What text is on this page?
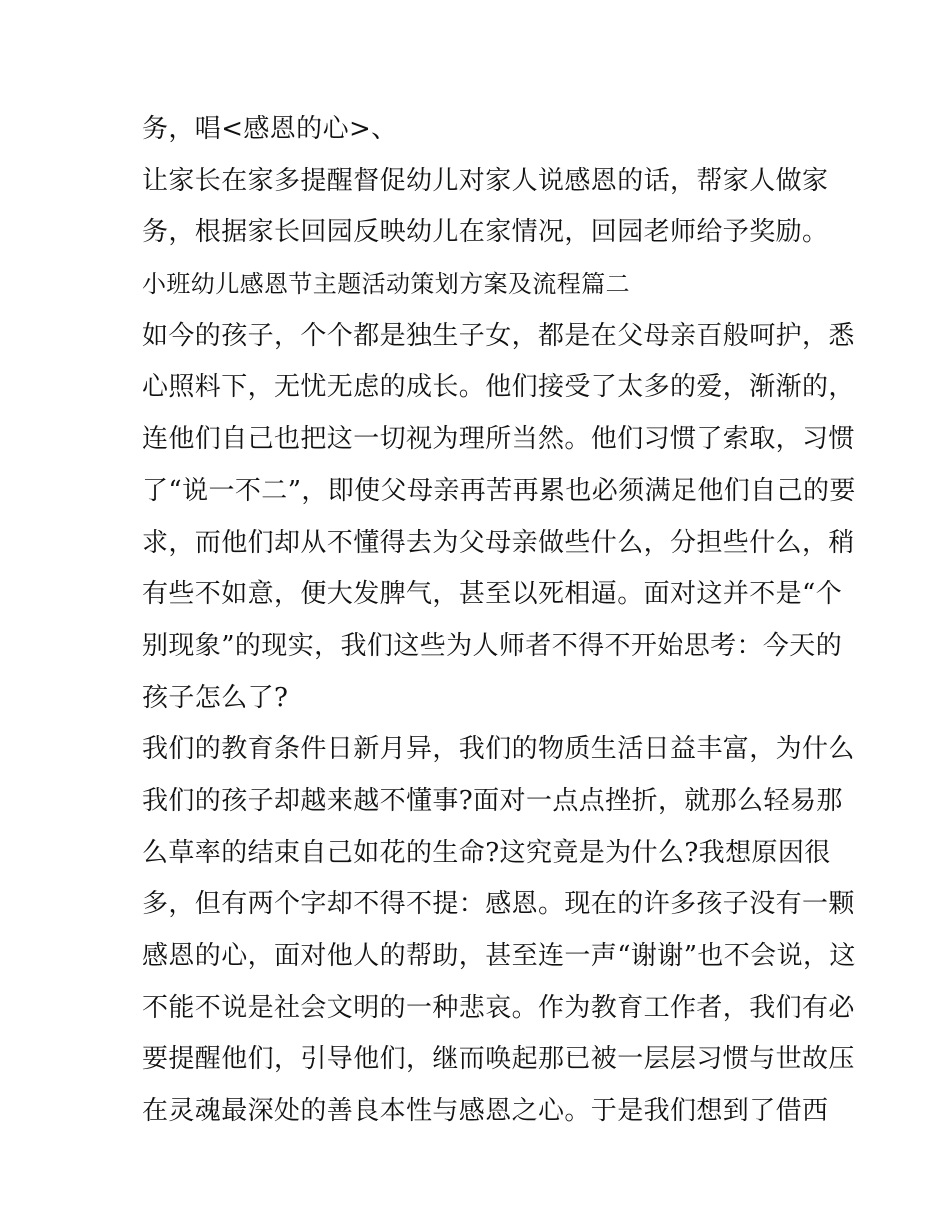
务，唱<感恩的心>、
让家长在家多提醒督促幼儿对家人说感恩的话，帮家人做家
务，根据家长回园反映幼儿在家情况，回园老师给予奖励。
小班幼儿感恩节主题活动策划方案及流程篇二
如今的孩子，个个都是独生子女，都是在父母亲百般呵护，悉
心照料下，无忧无虑的成长。他们接受了太多的爱，渐渐的，
连他们自己也把这一切视为理所当然。他们习惯了索取，习惯
了“说一不二”，即使父母亲再苦再累也必须满足他们自己的要
求，而他们却从不懂得去为父母亲做些什么，分担些什么，稍
有些不如意，便大发脾气，甚至以死相逼。面对这并不是“个
别现象”的现实，我们这些为人师者不得不开始思考：今天的
孩子怎么了?
我们的教育条件日新月异，我们的物质生活日益丰富，为什么
我们的孩子却越来越不懂事?面对一点点挫折，就那么轻易那
么草率的结束自己如花的生命?这究竟是为什么?我想原因很
多，但有两个字却不得不提：感恩。现在的许多孩子没有一颗
感恩的心，面对他人的帮助，甚至连一声“谢谢”也不会说，这
不能不说是社会文明的一种悲哀。作为教育工作者，我们有必
要提醒他们，引导他们，继而唤起那已被一层层习惯与世故压
在灵魂最深处的善良本性与感恩之心。于是我们想到了借西
